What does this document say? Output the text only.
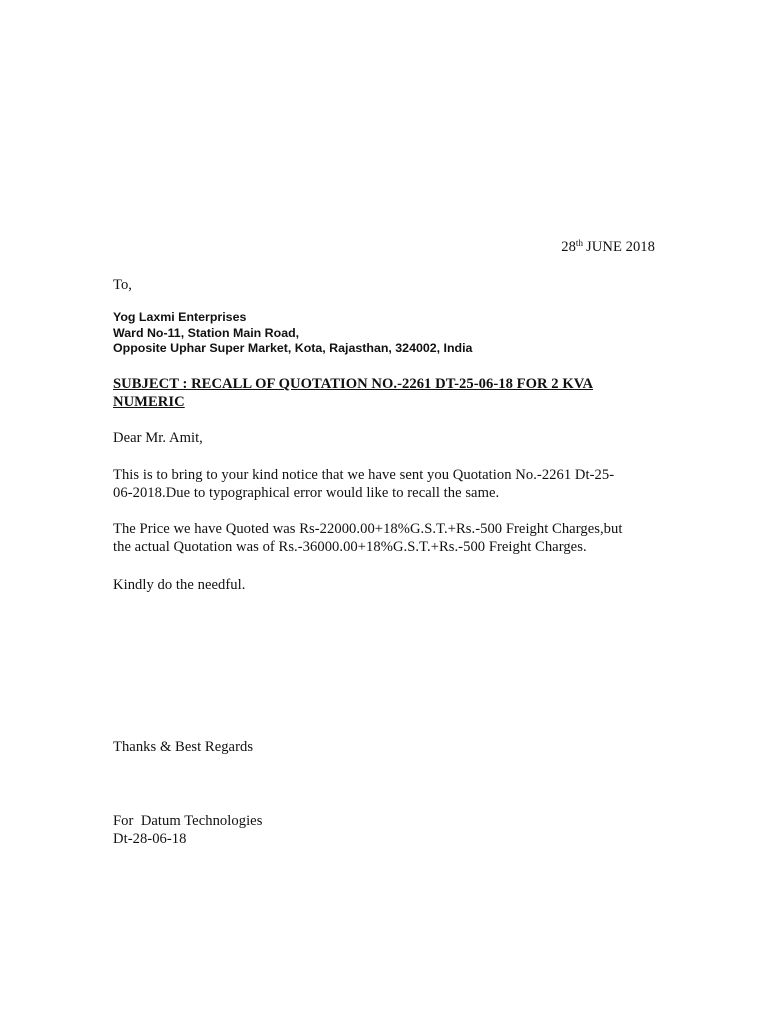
28th JUNE 2018
To,
Yog Laxmi Enterprises
Ward No-11, Station Main Road,
Opposite Uphar Super Market, Kota, Rajasthan, 324002, India
SUBJECT : RECALL OF QUOTATION NO.-2261 DT-25-06-18 FOR 2 KVA
NUMERIC
Dear Mr. Amit,
This is to bring to your kind notice that we have sent you Quotation No.-2261 Dt-25-
06-2018.Due to typographical error would like to recall the same.
The Price we have Quoted was Rs-22000.00+18%G.S.T.+Rs.-500 Freight Charges,but
the actual Quotation was of Rs.-36000.00+18%G.S.T.+Rs.-500 Freight Charges.
Kindly do the needful.
Thanks & Best Regards
For  Datum Technologies
Dt-28-06-18
